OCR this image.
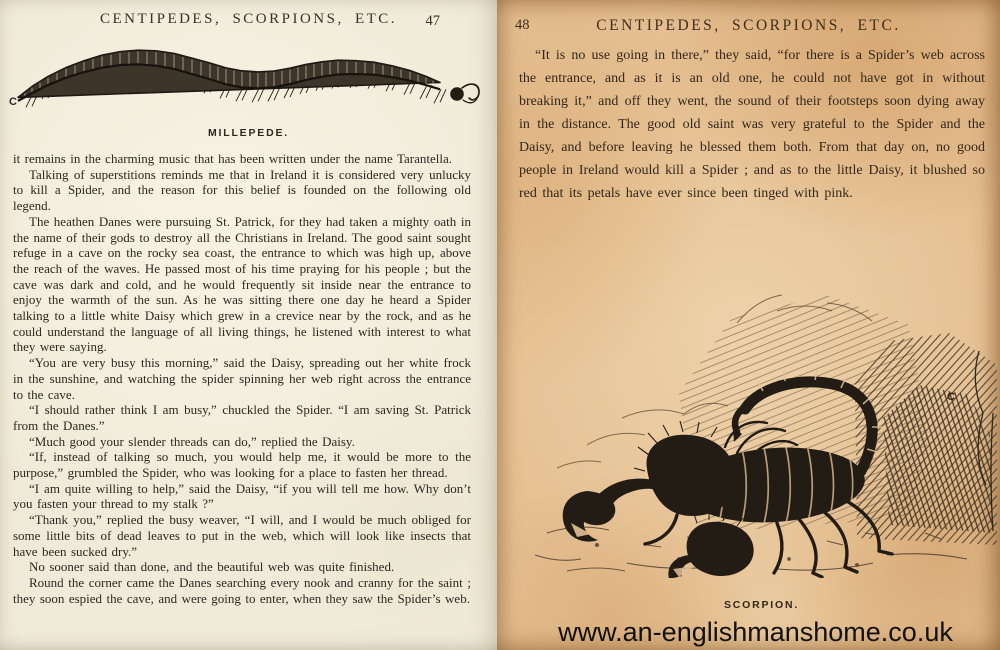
CENTIPEDES, SCORPIONS, ETC.	47
C
MILLEPEDE.

it remains in the charming music that has been written under the name Tarantella.

Talking of superstitions reminds me that in Ireland it is considered very unlucky to kill a Spider, and the reason for this belief is founded on the following old legend.

The heathen Danes were pursuing St. Patrick, for they had taken a mighty oath in the name of their gods to destroy all the Christians in Ireland. The good saint sought refuge in a cave on the rocky sea coast, the entrance to which was high up, above the reach of the waves. He passed most of his time praying for his people ; but the cave was dark and cold, and he would frequently sit inside near the entrance to enjoy the warmth of the sun. As he was sitting there one day he heard a Spider talking to a little white Daisy which grew in a crevice near by the rock, and as he could understand the language of all living things, he listened with interest to what they were saying.

“You are very busy this morning,” said the Daisy, spreading out her white frock in the sunshine, and watching the spider spinning her web right across the entrance to the cave.

“I should rather think I am busy,” chuckled the Spider. “I am saving St. Patrick from the Danes.”

“Much good your slender threads can do,” replied the Daisy.

“If, instead of talking so much, you would help me, it would be more to the purpose,” grumbled the Spider, who was looking for a place to fasten her thread.

“I am quite willing to help,” said the Daisy, “if you will tell me how. Why don’t you fasten your thread to my stalk ?”

“Thank you,” replied the busy weaver, “I will, and I would be much obliged for some little bits of dead leaves to put in the web, which will look like insects that have been sucked dry.”

No sooner said than done, and the beautiful web was quite finished.

Round the corner came the Danes searching every nook and cranny for the saint ; they soon espied the cave, and were going to enter, when they saw the Spider’s web.

48	CENTIPEDES, SCORPIONS, ETC.

“It is no use going in there,” they said, “for there is a Spider’s web across the entrance, and as it is an old one, he could not have got in without breaking it,” and off they went, the sound of their footsteps soon dying away in the distance. The good old saint was very grateful to the Spider and the Daisy, and before leaving he blessed them both. From that day on, no good people in Ireland would kill a Spider ; and as to the little Daisy, it blushed so red that its petals have ever since been tinged with pink.

C
SCORPION.
www.an-englishmanshome.co.uk
